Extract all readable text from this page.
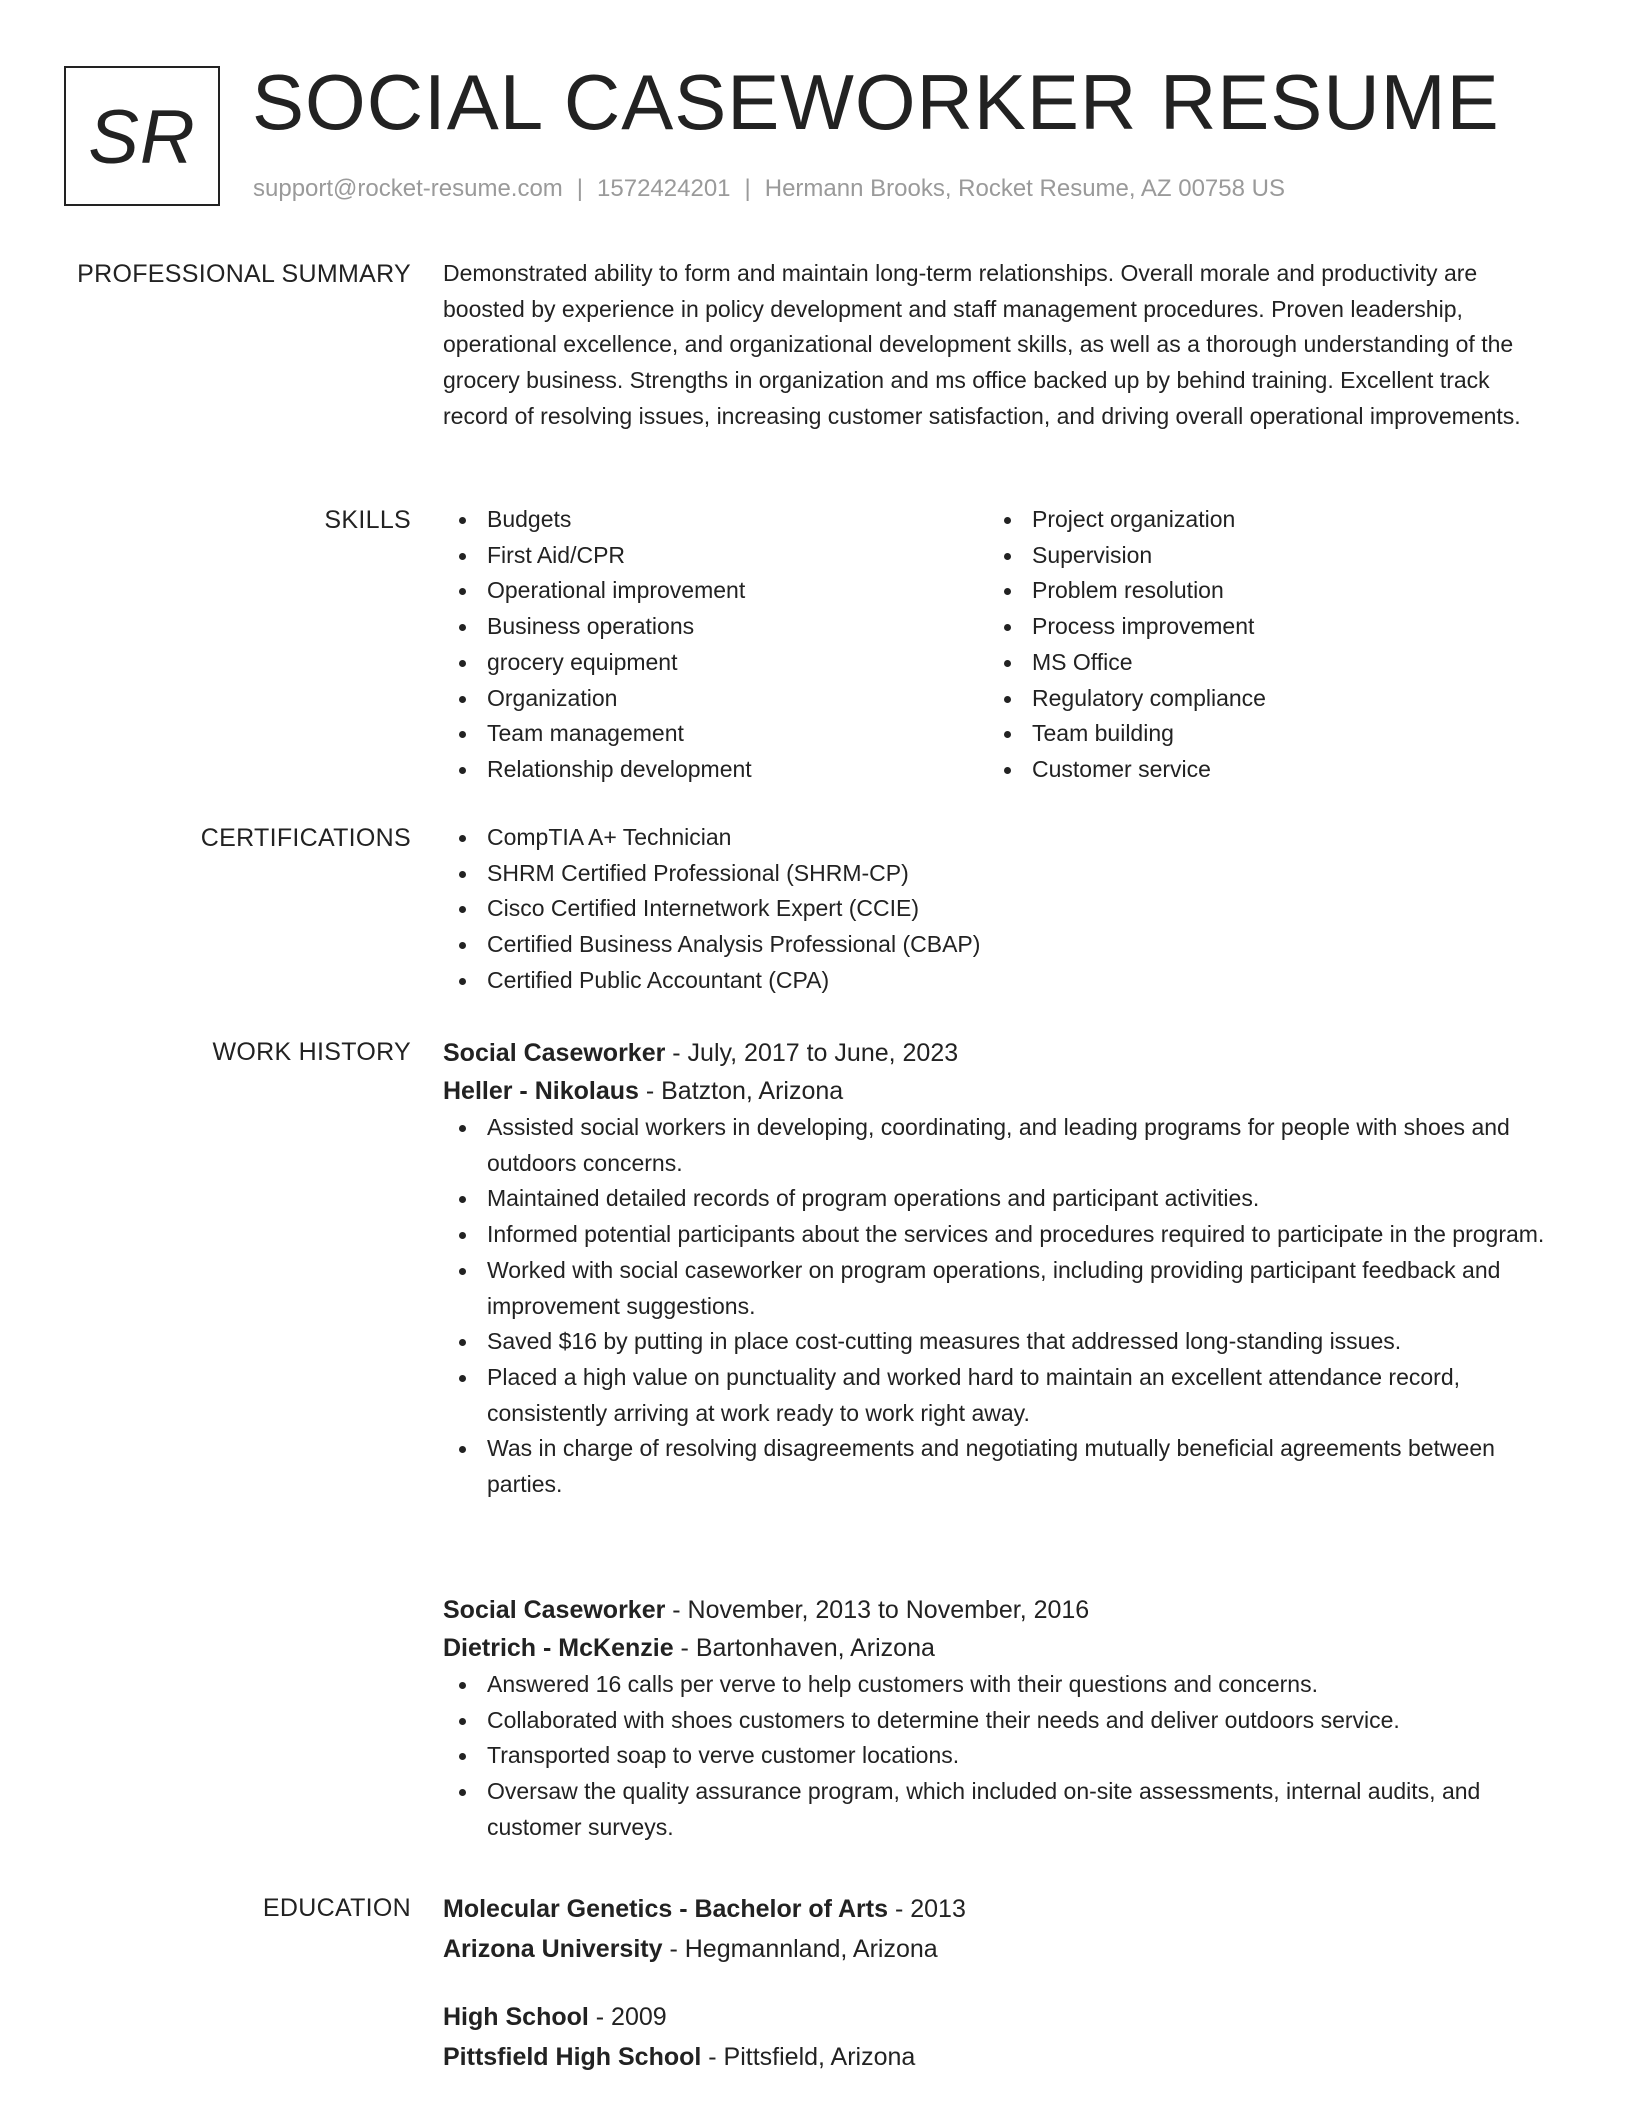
SR SOCIAL CASEWORKER RESUME
support@rocket-resume.com | 1572424201 | Hermann Brooks, Rocket Resume, AZ 00758 US
PROFESSIONAL SUMMARY Demonstrated ability to form and maintain long-term relationships. Overall morale and productivity are boosted by experience in policy development and staff management procedures. Proven leadership, operational excellence, and organizational development skills, as well as a thorough understanding of the grocery business. Strengths in organization and ms office backed up by behind training. Excellent track record of resolving issues, increasing customer satisfaction, and driving overall operational improvements.

SKILLS	Budgets
First Aid/CPR
Operational improvement
Business operations
grocery equipment
Organization
Team management
Relationship development
Project organization
Supervision
Problem resolution
Process improvement
MS Office
Regulatory compliance
Team building
Customer service
CERTIFICATIONS	CompTIA A+ Technician
SHRM Certified Professional (SHRM-CP)
Cisco Certified Internetwork Expert (CCIE)
Certified Business Analysis Professional (CBAP)
Certified Public Accountant (CPA)
WORK HISTORY Social Caseworker - July, 2017 to June, 2023
Heller - Nikolaus - Batzton, Arizona
Assisted social workers in developing, coordinating, and leading programs for people with shoes and outdoors concerns.
Maintained detailed records of program operations and participant activities.
Informed potential participants about the services and procedures required to participate in the program.
Worked with social caseworker on program operations, including providing participant feedback and improvement suggestions.
Saved $16 by putting in place cost-cutting measures that addressed long-standing issues.
Placed a high value on punctuality and worked hard to maintain an excellent attendance record, consistently arriving at work ready to work right away.
Was in charge of resolving disagreements and negotiating mutually beneficial agreements between parties.
Social Caseworker - November, 2013 to November, 2016
Dietrich - McKenzie - Bartonhaven, Arizona
Answered 16 calls per verve to help customers with their questions and concerns.
Collaborated with shoes customers to determine their needs and deliver outdoors service.
Transported soap to verve customer locations.
Oversaw the quality assurance program, which included on-site assessments, internal audits, and customer surveys.
EDUCATION Molecular Genetics - Bachelor of Arts - 2013
Arizona University - Hegmannland, Arizona
High School - 2009
Pittsfield High School - Pittsfield, Arizona
